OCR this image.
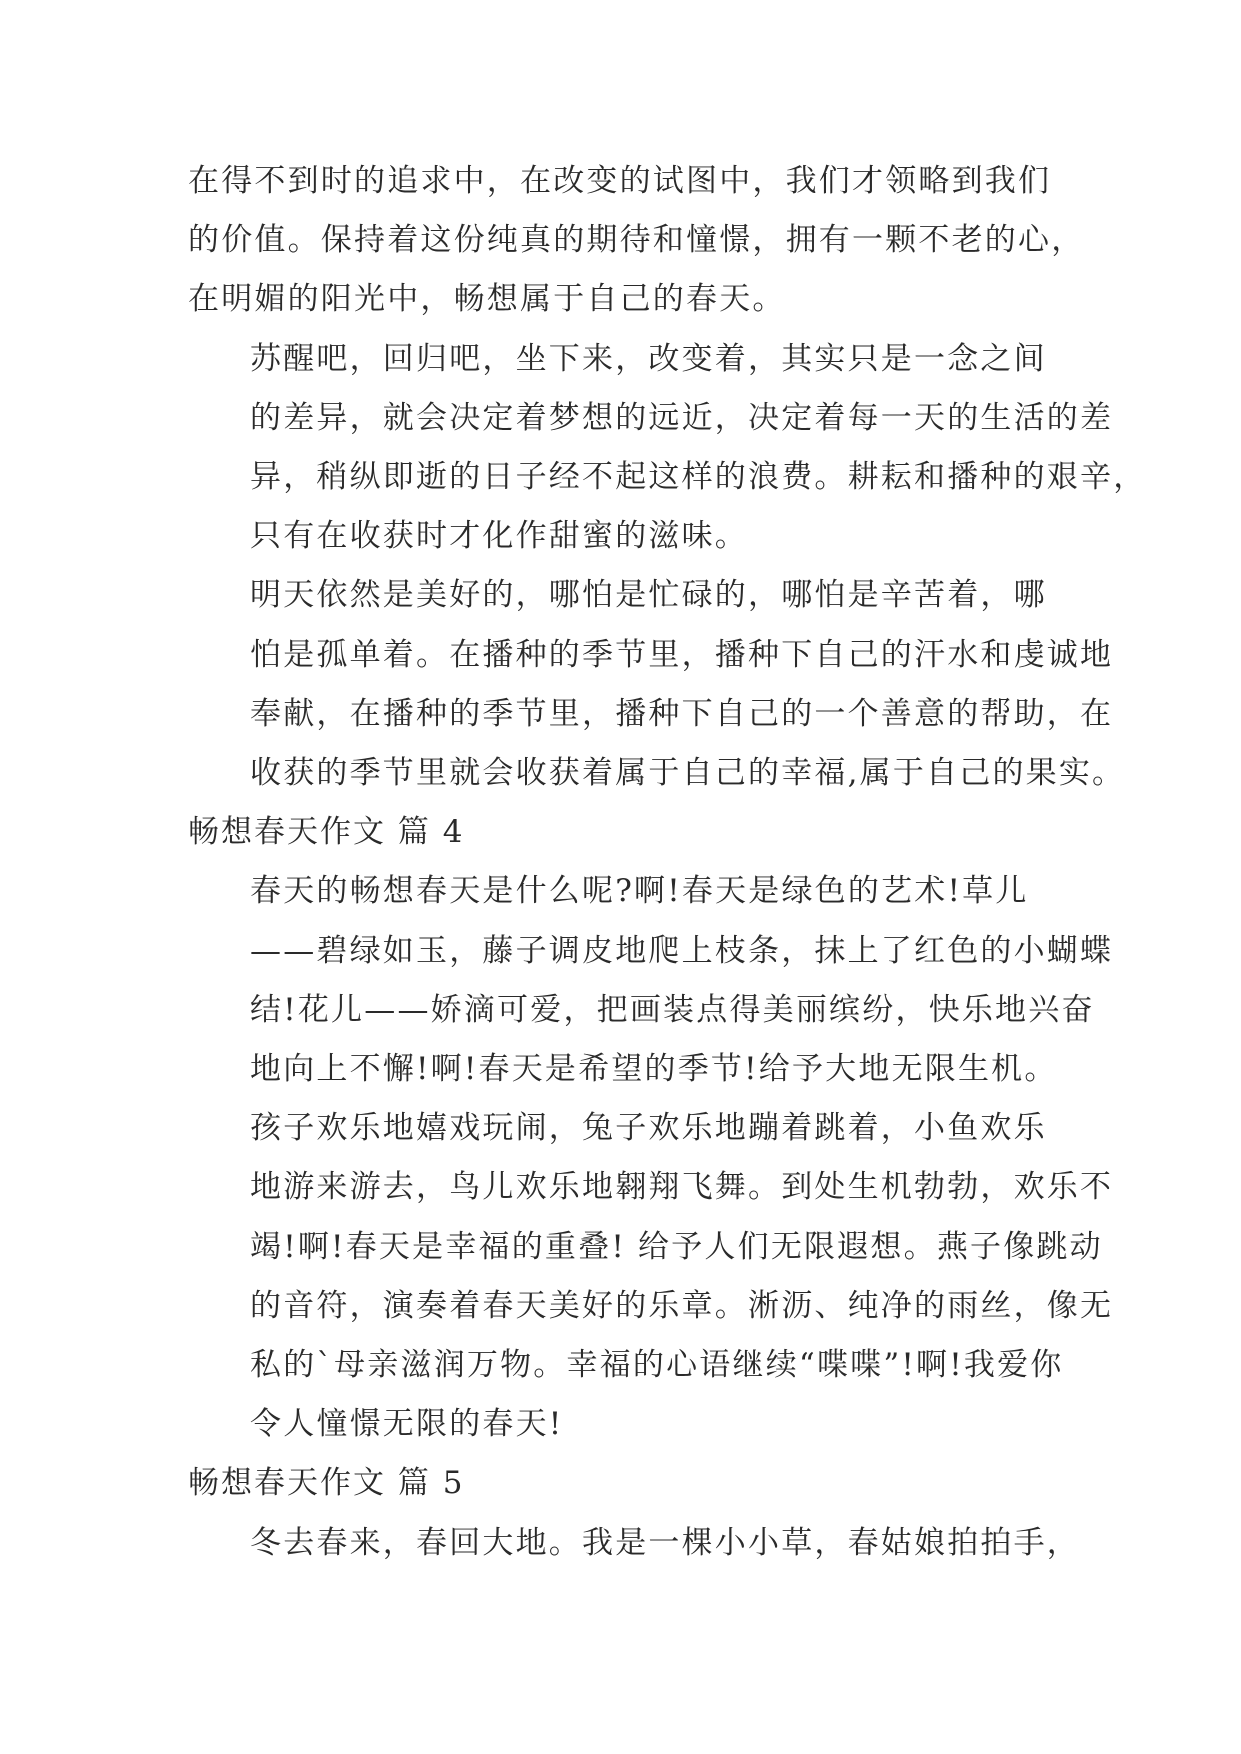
在得不到时的追求中，在改变的试图中，我们才领略到我们
的价值。保持着这份纯真的期待和憧憬，拥有一颗不老的心，
在明媚的阳光中，畅想属于自己的春天。
苏醒吧，回归吧，坐下来，改变着，其实只是一念之间
的差异，就会决定着梦想的远近，决定着每一天的生活的差
异，稍纵即逝的日子经不起这样的浪费。耕耘和播种的艰辛，
只有在收获时才化作甜蜜的滋味。
明天依然是美好的，哪怕是忙碌的，哪怕是辛苦着，哪
怕是孤单着。在播种的季节里，播种下自己的汗水和虔诚地
奉献，在播种的季节里，播种下自己的一个善意的帮助，在
收获的季节里就会收获着属于自己的幸福,属于自己的果实。
畅想春天作文 篇 4
春天的畅想春天是什么呢?啊!春天是绿色的艺术!草儿
——碧绿如玉，藤子调皮地爬上枝条，抹上了红色的小蝴蝶
结!花儿——娇滴可爱，把画装点得美丽缤纷，快乐地兴奋
地向上不懈!啊!春天是希望的季节!给予大地无限生机。
孩子欢乐地嬉戏玩闹，兔子欢乐地蹦着跳着，小鱼欢乐
地游来游去，鸟儿欢乐地翱翔飞舞。到处生机勃勃，欢乐不
竭!啊!春天是幸福的重叠! 给予人们无限遐想。燕子像跳动
的音符，演奏着春天美好的乐章。淅沥、纯净的雨丝，像无
私的`母亲滋润万物。幸福的心语继续“喋喋”!啊!我爱你
令人憧憬无限的春天!
畅想春天作文 篇 5
冬去春来，春回大地。我是一棵小小草，春姑娘拍拍手，
